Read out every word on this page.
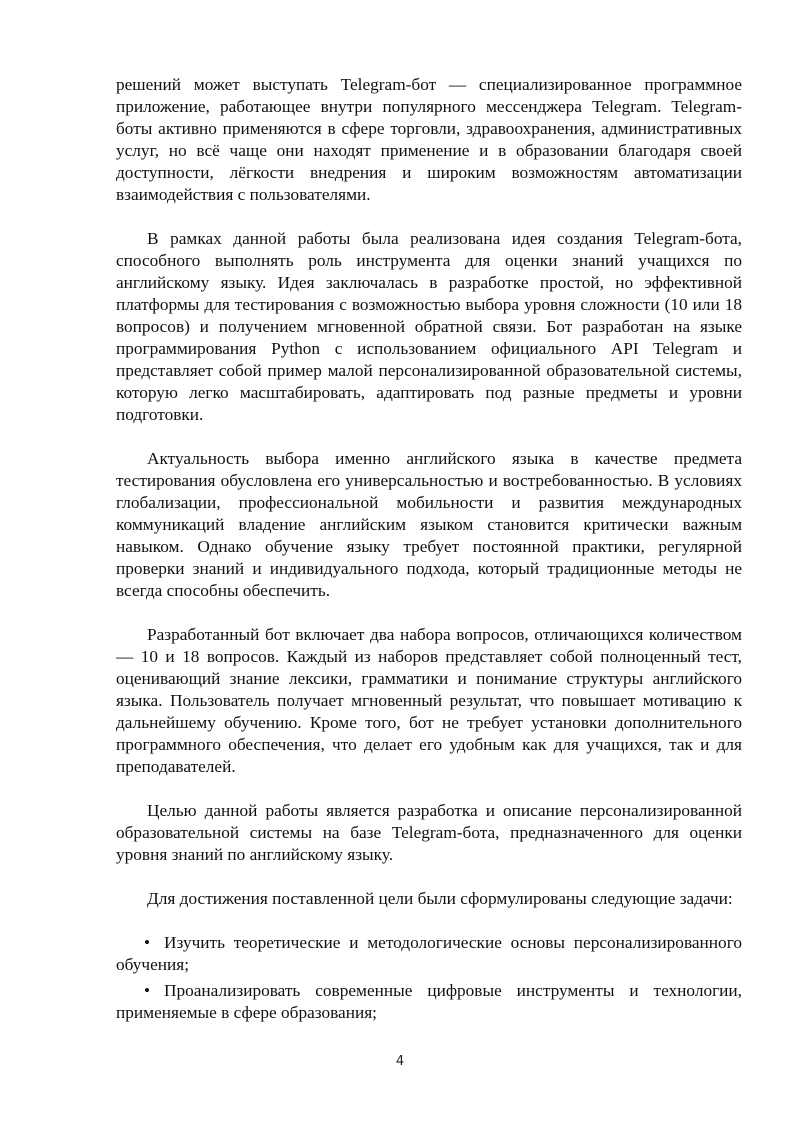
решений может выступать Telegram-бот — специализированное программное приложение, работающее внутри популярного мессенджера Telegram. Telegram-боты активно применяются в сфере торговли, здравоохранения, административных услуг, но всё чаще они находят применение и в образовании благодаря своей доступности, лёгкости внедрения и широким возможностям автоматизации взаимодействия с пользователями.

В рамках данной работы была реализована идея создания Telegram-бота, способного выполнять роль инструмента для оценки знаний учащихся по английскому языку. Идея заключалась в разработке простой, но эффективной платформы для тестирования с возможностью выбора уровня сложности (10 или 18 вопросов) и получением мгновенной обратной связи. Бот разработан на языке программирования Python с использованием официального API Telegram и представляет собой пример малой персонализированной образовательной системы, которую легко масштабировать, адаптировать под разные предметы и уровни подготовки.

Актуальность выбора именно английского языка в качестве предмета тестирования обусловлена его универсальностью и востребованностью. В условиях глобализации, профессиональной мобильности и развития международных коммуникаций владение английским языком становится критически важным навыком. Однако обучение языку требует постоянной практики, регулярной проверки знаний и индивидуального подхода, который традиционные методы не всегда способны обеспечить.

Разработанный бот включает два набора вопросов, отличающихся количеством — 10 и 18 вопросов. Каждый из наборов представляет собой полноценный тест, оценивающий знание лексики, грамматики и понимание структуры английского языка. Пользователь получает мгновенный результат, что повышает мотивацию к дальнейшему обучению. Кроме того, бот не требует установки дополнительного программного обеспечения, что делает его удобным как для учащихся, так и для преподавателей.

Целью данной работы является разработка и описание персонализированной образовательной системы на базе Telegram-бота, предназначенного для оценки уровня знаний по английскому языку.

Для достижения поставленной цели были сформулированы следующие задачи:

• Изучить теоретические и методологические основы персонализированного обучения;
• Проанализировать современные цифровые инструменты и технологии, применяемые в сфере образования;
4
